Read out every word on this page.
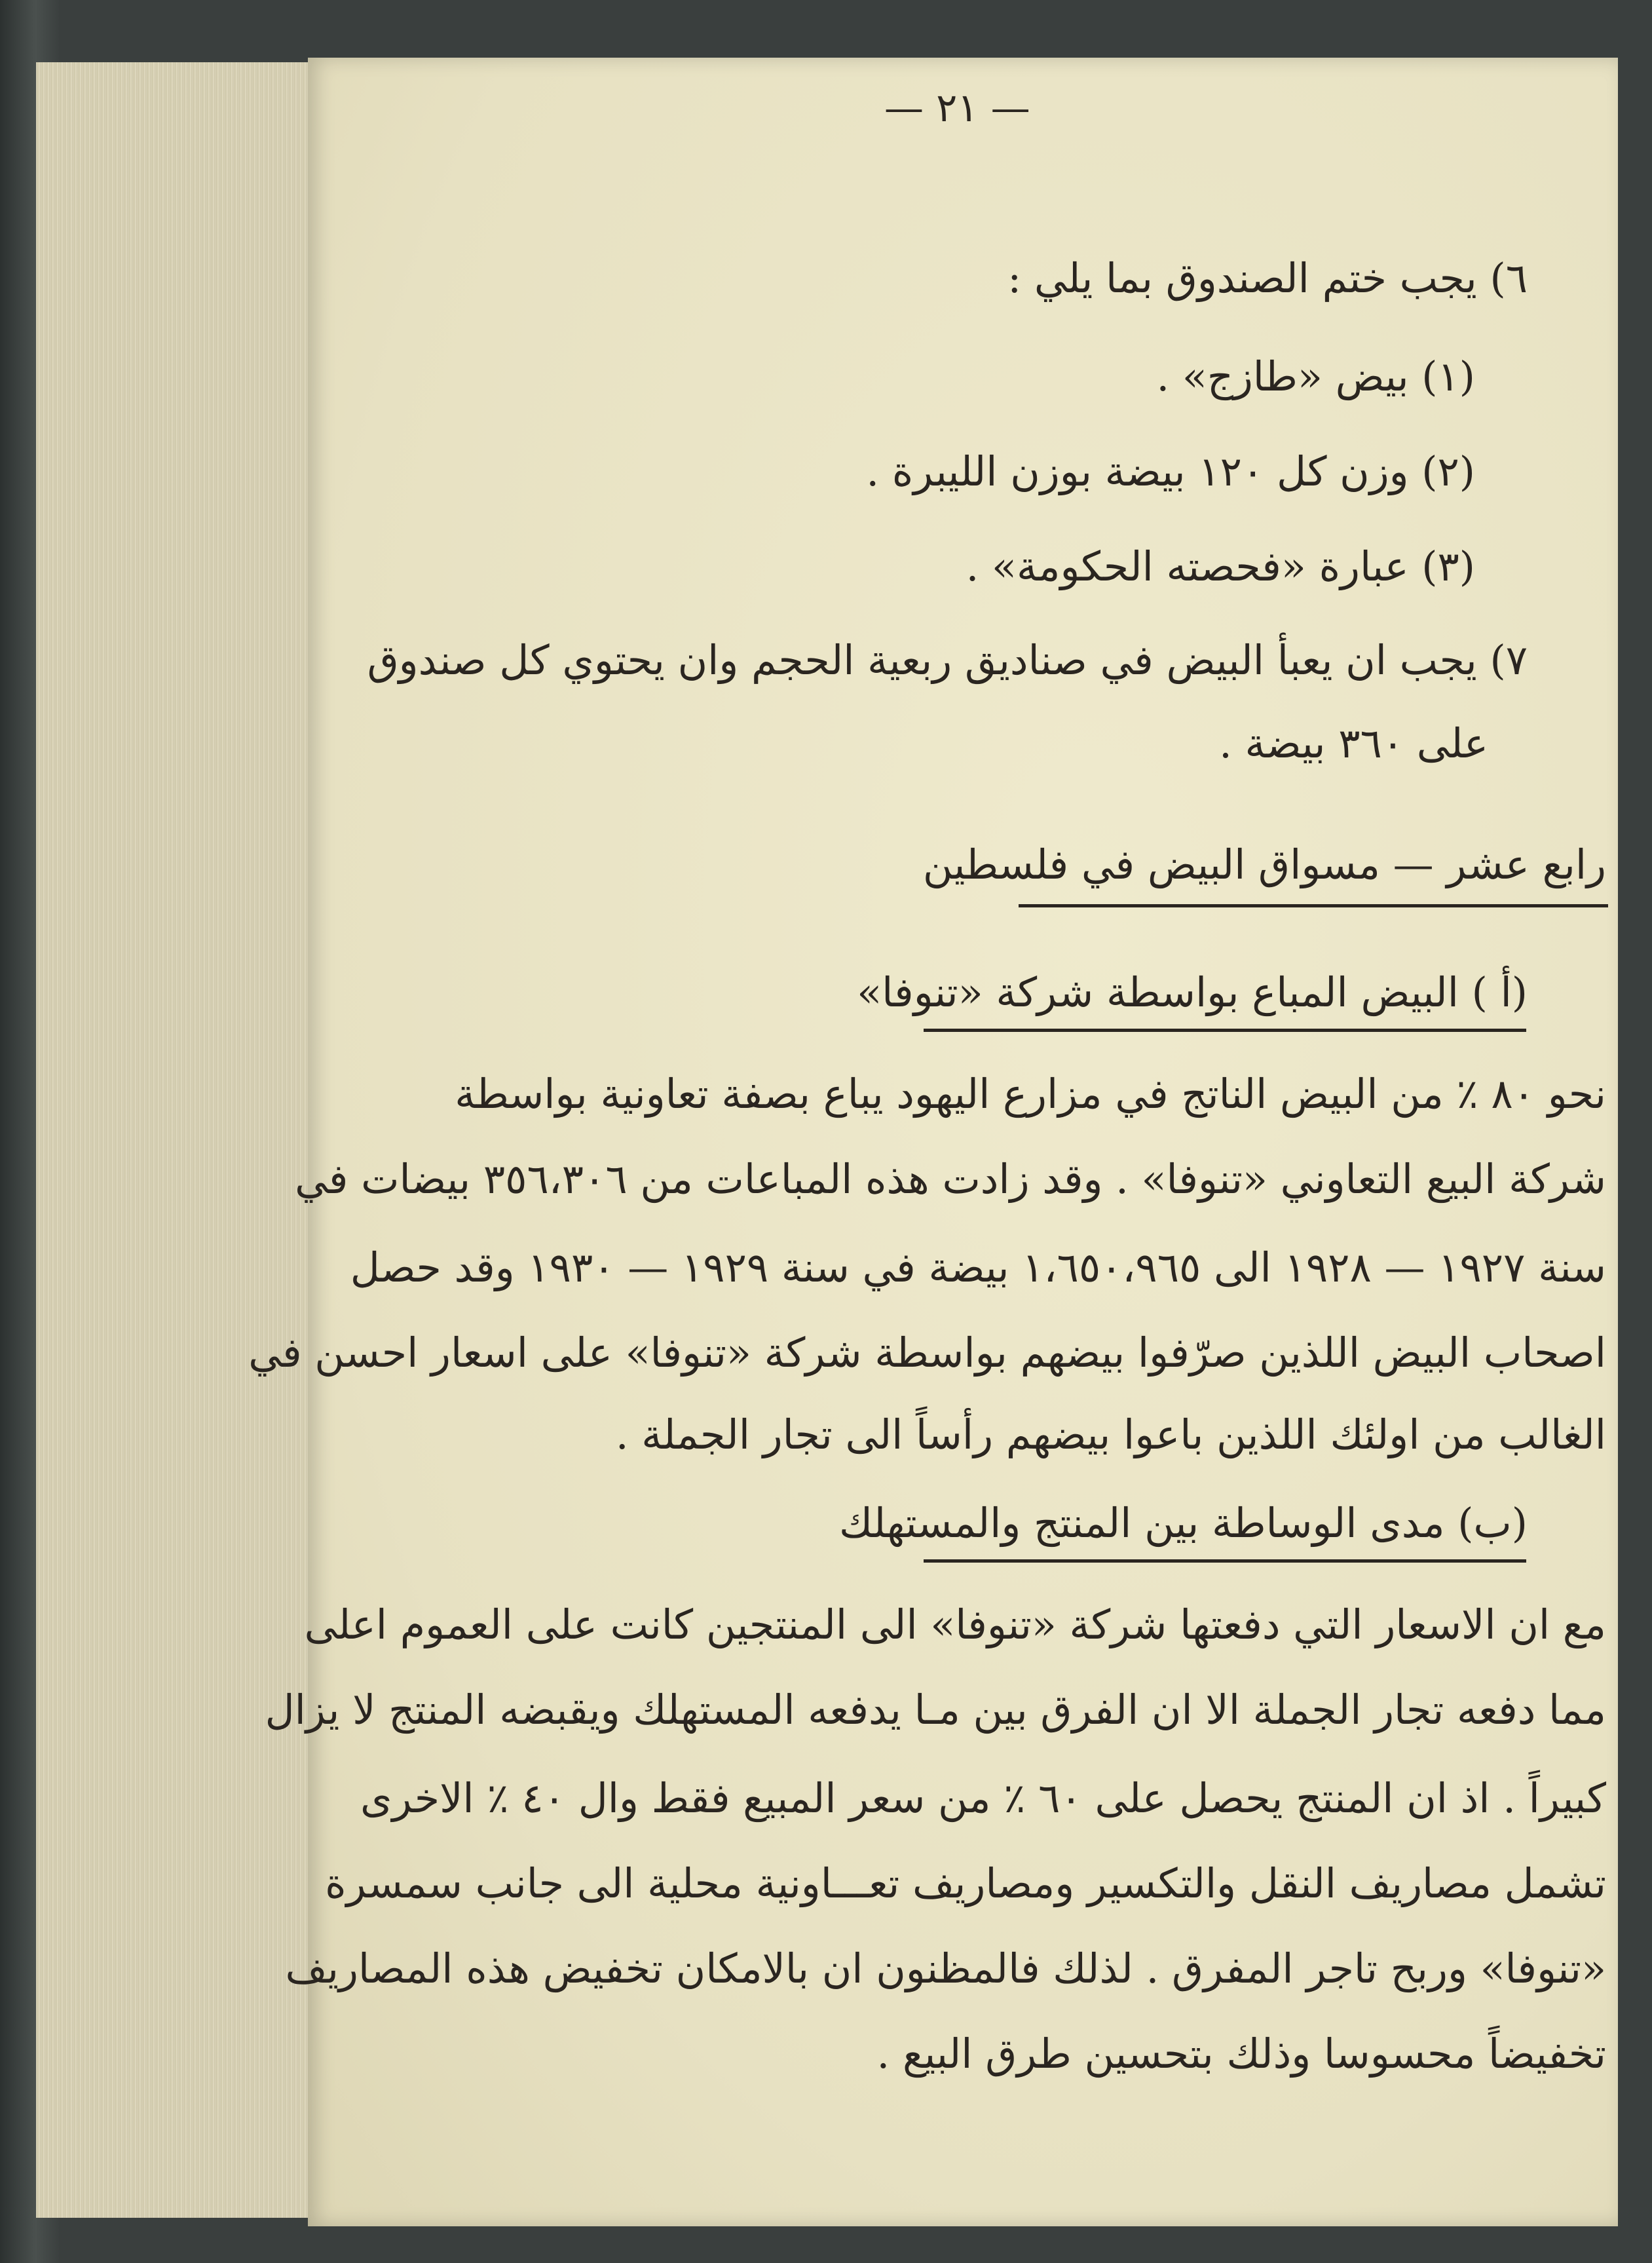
— ٢١ —
٦) يجب ختم الصندوق بما يلي :
(١) بيض «طازج» .
(٢) وزن كل ١٢٠ بيضة بوزن الليبرة .
(٣) عبارة «فحصته الحكومة» .
٧) يجب ان يعبأ البيض في صناديق ربعية الحجم وان يحتوي كل صندوق
على ٣٦٠ بيضة .
رابع عشر — مسواق البيض في فلسطين
(أ ) البيض المباع بواسطة شركة «تنوفا»
نحو ٨٠ ٪ من البيض الناتج في مزارع اليهود يباع بصفة تعاونية بواسطة
شركة البيع التعاوني «تنوفا» . وقد زادت هذه المباعات من ٣٥٦،٣٠٦ بيضات في
سنة ١٩٢٧ — ١٩٢٨ الى ١،٦٥٠،٩٦٥ بيضة في سنة ١٩٢٩ — ١٩٣٠ وقد حصل
اصحاب البيض اللذين صرّفوا بيضهم بواسطة شركة «تنوفا» على اسعار احسن في
الغالب من اولئك اللذين باعوا بيضهم رأساً الى تجار الجملة .
(ب) مدى الوساطة بين المنتج والمستهلك
مع ان الاسعار التي دفعتها شركة «تنوفا» الى المنتجين كانت على العموم اعلى
مما دفعه تجار الجملة الا ان الفرق بين مـا يدفعه المستهلك ويقبضه المنتج لا يزال
كبيراً . اذ ان المنتج يحصل على ٦٠ ٪ من سعر المبيع فقط وال ٤٠ ٪ الاخرى
تشمل مصاريف النقل والتكسير ومصاريف تعـــاونية محلية الى جانب سمسرة
«تنوفا» وربح تاجر المفرق . لذلك فالمظنون ان بالامكان تخفيض هذه المصاريف
تخفيضاً محسوسا وذلك بتحسين طرق البيع .
